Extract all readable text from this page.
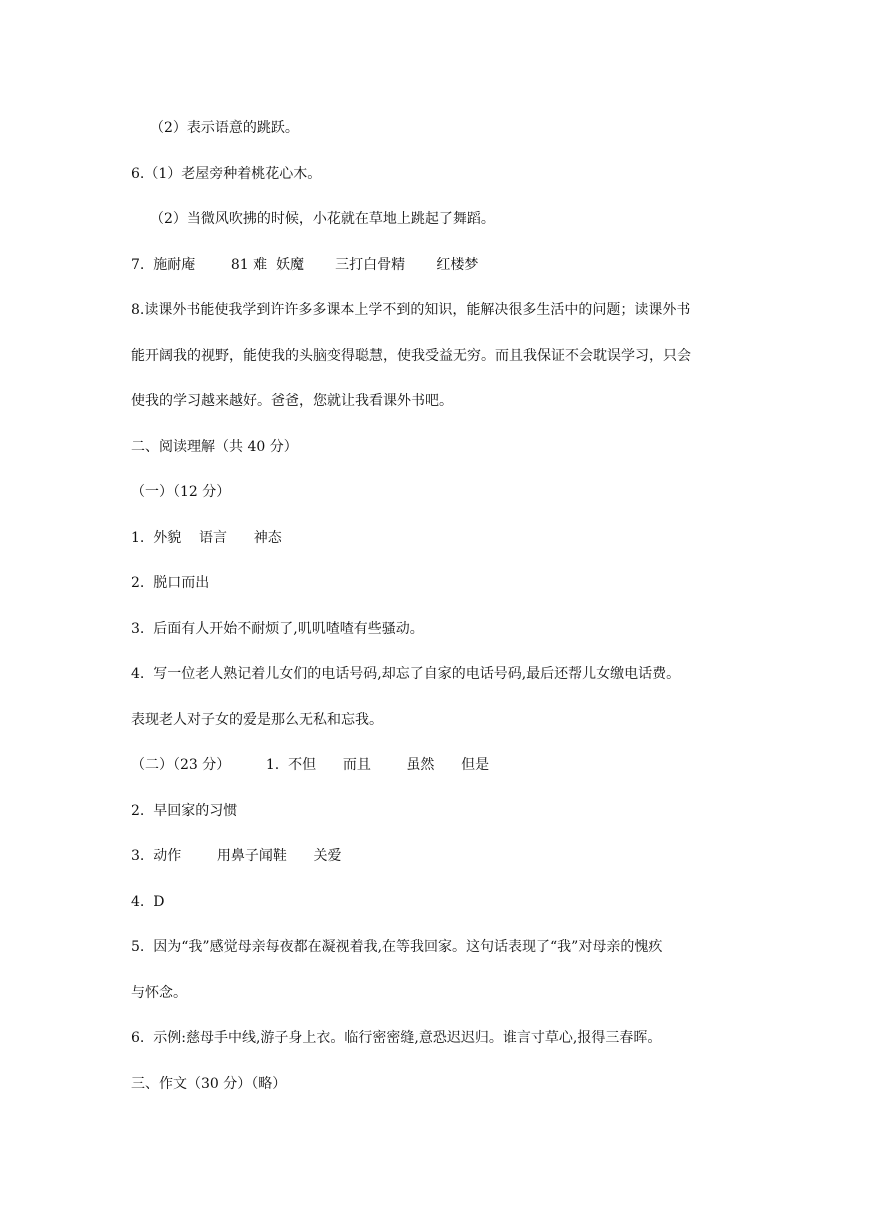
（2）表示语意的跳跃。
6.（1）老屋旁种着桃花心木。
（2）当微风吹拂的时候，小花就在草地上跳起了舞蹈。
7.  施耐庵        81 难  妖魔       三打白骨精       红楼梦
8.读课外书能使我学到许许多多课本上学不到的知识，能解决很多生活中的问题；读课外书
能开阔我的视野，能使我的头脑变得聪慧，使我受益无穷。而且我保证不会耽误学习，只会
使我的学习越来越好。爸爸，您就让我看课外书吧。
二、阅读理解（共 40 分）
（一）（12 分）
1.  外貌    语言      神态
2.  脱口而出
3.  后面有人开始不耐烦了,叽叽喳喳有些骚动。
4.  写一位老人熟记着儿女们的电话号码,却忘了自家的电话号码,最后还帮儿女缴电话费。
表现老人对子女的爱是那么无私和忘我。
（二）（23 分）        1.  不但      而且        虽然      但是
2.  早回家的习惯
3.  动作        用鼻子闻鞋      关爱
4.  D
5.  因为“我”感觉母亲每夜都在凝视着我,在等我回家。这句话表现了“我”对母亲的愧疚
与怀念。
6.  示例:慈母手中线,游子身上衣。临行密密缝,意恐迟迟归。谁言寸草心,报得三春晖。
三、作文（30 分）（略）
